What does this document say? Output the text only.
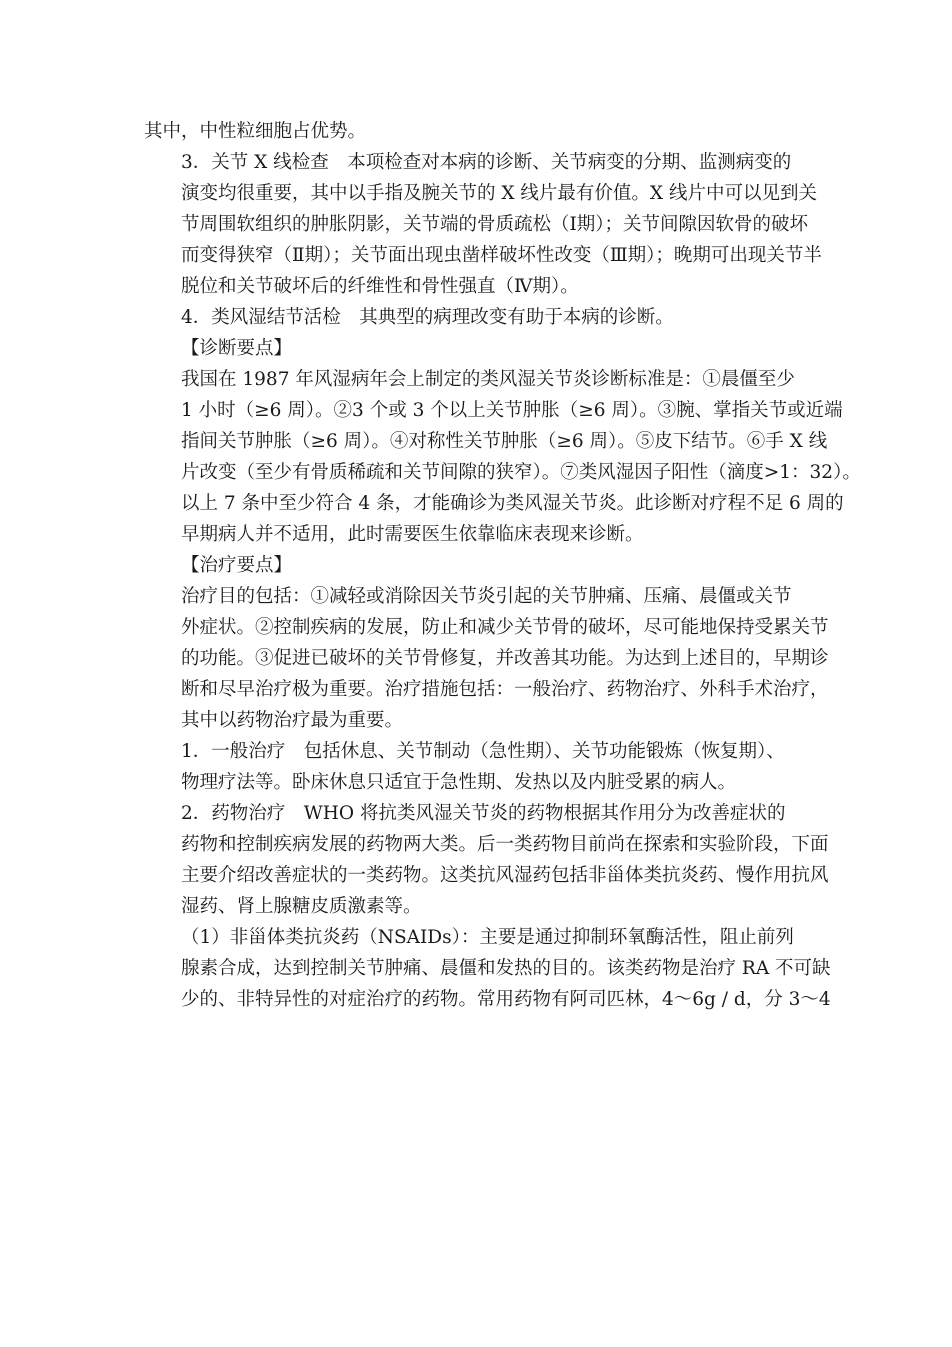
其中，中性粒细胞占优势。

3．关节 X 线检查　本项检查对本病的诊断、关节病变的分期、监测病变的
演变均很重要，其中以手指及腕关节的 X 线片最有价值。X 线片中可以见到关
节周围软组织的肿胀阴影，关节端的骨质疏松（Ⅰ期）；关节间隙因软骨的破坏
而变得狭窄（Ⅱ期）；关节面出现虫凿样破坏性改变（Ⅲ期）；晚期可出现关节半
脱位和关节破坏后的纤维性和骨性强直（Ⅳ期）。

4．类风湿结节活检　其典型的病理改变有助于本病的诊断。

【诊断要点】

我国在 1987 年风湿病年会上制定的类风湿关节炎诊断标准是：①晨僵至少
1 小时（≥6 周）。②3 个或 3 个以上关节肿胀（≥6 周）。③腕、掌指关节或近端
指间关节肿胀（≥6 周）。④对称性关节肿胀（≥6 周）。⑤皮下结节。⑥手 X 线
片改变（至少有骨质稀疏和关节间隙的狭窄）。⑦类风湿因子阳性（滴度>1：32）。
以上 7 条中至少符合 4 条，才能确诊为类风湿关节炎。此诊断对疗程不足 6 周的
早期病人并不适用，此时需要医生依靠临床表现来诊断。

【治疗要点】

治疗目的包括：①减轻或消除因关节炎引起的关节肿痛、压痛、晨僵或关节
外症状。②控制疾病的发展，防止和减少关节骨的破坏，尽可能地保持受累关节
的功能。③促进已破坏的关节骨修复，并改善其功能。为达到上述目的，早期诊
断和尽早治疗极为重要。治疗措施包括：一般治疗、药物治疗、外科手术治疗，
其中以药物治疗最为重要。

1．一般治疗　包括休息、关节制动（急性期）、关节功能锻炼（恢复期）、
物理疗法等。卧床休息只适宜于急性期、发热以及内脏受累的病人。

2．药物治疗　WHO 将抗类风湿关节炎的药物根据其作用分为改善症状的
药物和控制疾病发展的药物两大类。后一类药物目前尚在探索和实验阶段，下面
主要介绍改善症状的一类药物。这类抗风湿药包括非甾体类抗炎药、慢作用抗风
湿药、肾上腺糖皮质激素等。

（1）非甾体类抗炎药（NSAIDs）：主要是通过抑制环氧酶活性，阻止前列
腺素合成，达到控制关节肿痛、晨僵和发热的目的。该类药物是治疗 RA 不可缺
少的、非特异性的对症治疗的药物。常用药物有阿司匹林，4～6g / d，分 3～4
